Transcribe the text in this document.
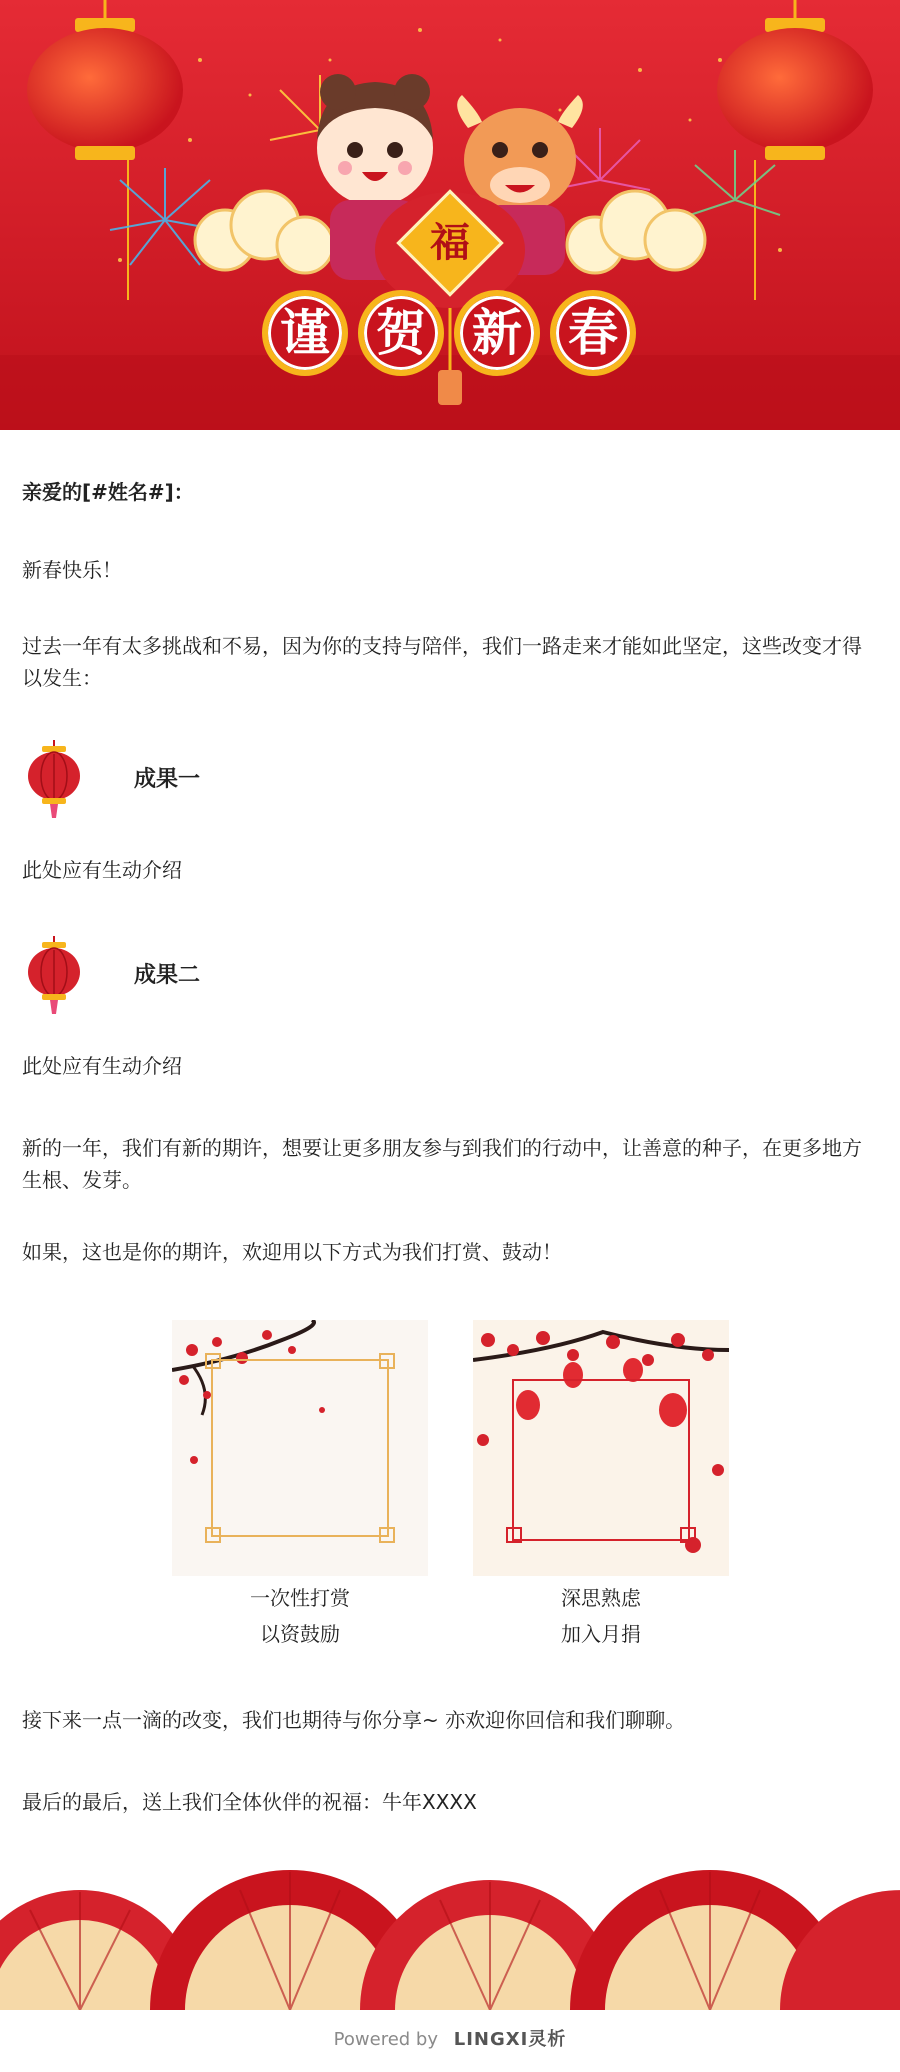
福
谨 贺 新 春

亲爱的[#姓名#]：

新春快乐！

过去一年有太多挑战和不易，因为你的支持与陪伴，我们一路走来才能如此坚定，这些改变才得以发生：

成果一

此处应有生动介绍

成果二

此处应有生动介绍

新的一年，我们有新的期许，想要让更多朋友参与到我们的行动中，让善意的种子，在更多地方生根、发芽。

如果，这也是你的期许，欢迎用以下方式为我们打赏、鼓动！

一次性打赏
以资鼓励
深思熟虑
加入月捐

接下来一点一滴的改变，我们也期待与你分享~ 亦欢迎你回信和我们聊聊。

最后的最后，送上我们全体伙伴的祝福：牛年XXXX

Powered by LINGXI灵析
